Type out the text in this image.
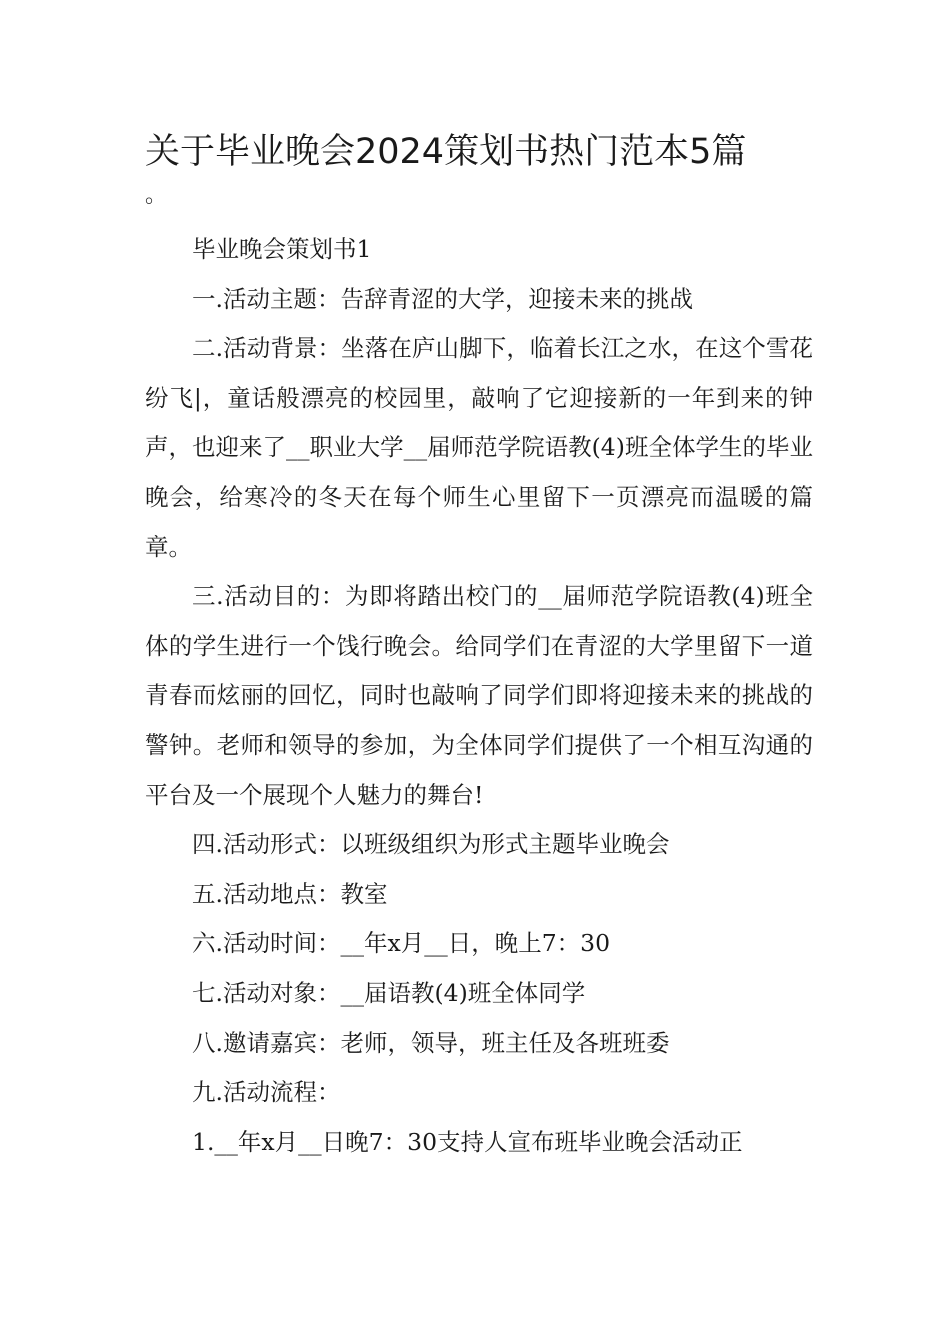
关于毕业晚会2024策划书热门范本5篇
。

毕业晚会策划书1

一.活动主题：告辞青涩的大学，迎接未来的挑战

二.活动背景：坐落在庐山脚下，临着长江之水，在这个雪花纷飞|，童话般漂亮的校园里，敲响了它迎接新的一年到来的钟声，也迎来了__职业大学__届师范学院语教(4)班全体学生的毕业晚会，给寒冷的冬天在每个师生心里留下一页漂亮而温暖的篇章。

三.活动目的：为即将踏出校门的__届师范学院语教(4)班全体的学生进行一个饯行晚会。给同学们在青涩的大学里留下一道青春而炫丽的回忆，同时也敲响了同学们即将迎接未来的挑战的警钟。老师和领导的参加，为全体同学们提供了一个相互沟通的平台及一个展现个人魅力的舞台!

四.活动形式：以班级组织为形式主题毕业晚会

五.活动地点：教室

六.活动时间：__年x月__日，晚上7：30

七.活动对象：__届语教(4)班全体同学

八.邀请嘉宾：老师，领导，班主任及各班班委

九.活动流程：

1.__年x月__日晚7：30支持人宣布班毕业晚会活动正
